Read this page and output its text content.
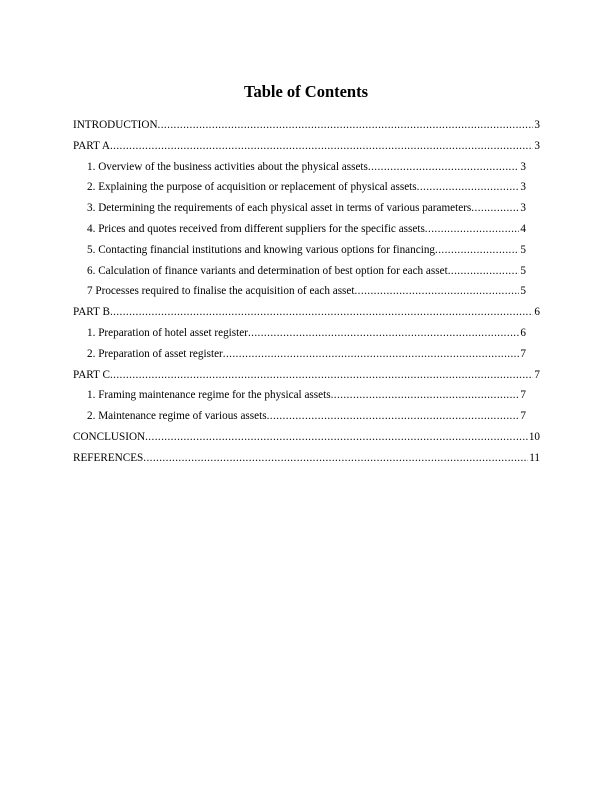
Table of Contents
INTRODUCTION .....	3
PART A .....	3
1. Overview of the business activities about the physical assets .....	3
2. Explaining the purpose of acquisition or replacement of physical assets .....	3
3. Determining the requirements of each physical asset in terms of various parameters .....	3
4. Prices and quotes received from different suppliers for the specific assets .....	4
5. Contacting financial institutions and knowing various options for financing .....	5
6. Calculation of finance variants and determination of best option for each asset .....	5
7 Processes required to finalise the acquisition of each asset .....	5
PART B .....	6
1. Preparation of hotel asset register .....	6
2. Preparation of asset register .....	7
PART C .....	7
1. Framing maintenance regime for the physical assets .....	7
2. Maintenance regime of various assets .....	7
CONCLUSION .....	10
REFERENCES .....	11
